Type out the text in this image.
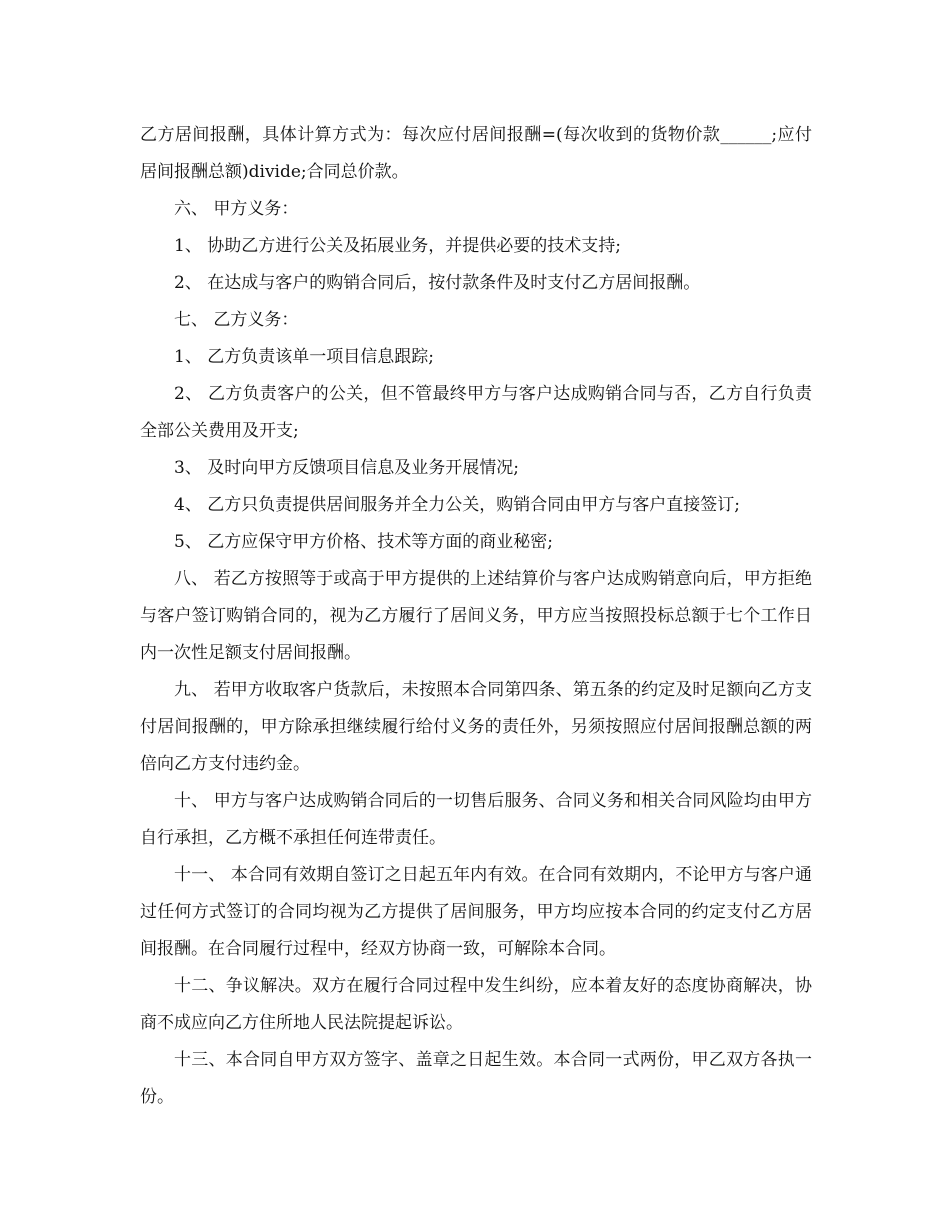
乙方居间报酬，具体计算方式为：每次应付居间报酬=(每次收到的货物价款______;应付居间报酬总额)divide;合同总价款。

六、 甲方义务：

1、 协助乙方进行公关及拓展业务，并提供必要的技术支持;

2、 在达成与客户的购销合同后，按付款条件及时支付乙方居间报酬。

七、 乙方义务：

1、 乙方负责该单一项目信息跟踪;

2、 乙方负责客户的公关，但不管最终甲方与客户达成购销合同与否，乙方自行负责全部公关费用及开支;

3、 及时向甲方反馈项目信息及业务开展情况;

4、 乙方只负责提供居间服务并全力公关，购销合同由甲方与客户直接签订;

5、 乙方应保守甲方价格、技术等方面的商业秘密;

八、 若乙方按照等于或高于甲方提供的上述结算价与客户达成购销意向后，甲方拒绝与客户签订购销合同的，视为乙方履行了居间义务，甲方应当按照投标总额于七个工作日内一次性足额支付居间报酬。

九、 若甲方收取客户货款后，未按照本合同第四条、第五条的约定及时足额向乙方支付居间报酬的，甲方除承担继续履行给付义务的责任外，另须按照应付居间报酬总额的两倍向乙方支付违约金。

十、 甲方与客户达成购销合同后的一切售后服务、合同义务和相关合同风险均由甲方自行承担，乙方概不承担任何连带责任。

十一、 本合同有效期自签订之日起五年内有效。在合同有效期内，不论甲方与客户通过任何方式签订的合同均视为乙方提供了居间服务，甲方均应按本合同的约定支付乙方居间报酬。在合同履行过程中，经双方协商一致，可解除本合同。

十二、争议解决。双方在履行合同过程中发生纠纷，应本着友好的态度协商解决，协商不成应向乙方住所地人民法院提起诉讼。

十三、本合同自甲方双方签字、盖章之日起生效。本合同一式两份，甲乙双方各执一份。
